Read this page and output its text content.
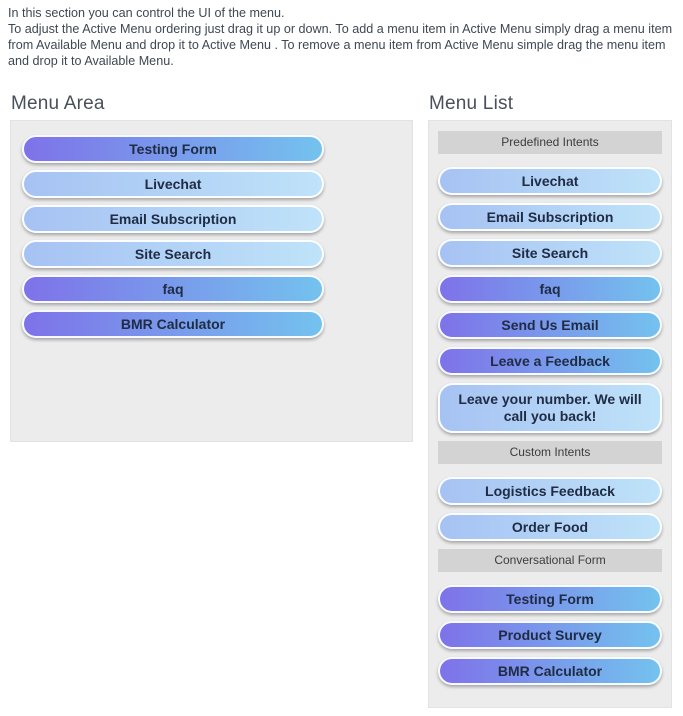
In this section you can control the UI of the menu.
To adjust the Active Menu ordering just drag it up or down. To add a menu item in Active Menu simply drag a menu item from Available Menu and drop it to Active Menu . To remove a menu item from Active Menu simple drag the menu item and drop it to Available Menu.
Menu Area
Testing Form
Livechat
Email Subscription
Site Search
faq
BMR Calculator
Menu List
Predefined Intents
Livechat
Email Subscription
Site Search
faq
Send Us Email
Leave a Feedback
Leave your number. We will call you back!
Custom Intents
Logistics Feedback
Order Food
Conversational Form
Testing Form
Product Survey
BMR Calculator
